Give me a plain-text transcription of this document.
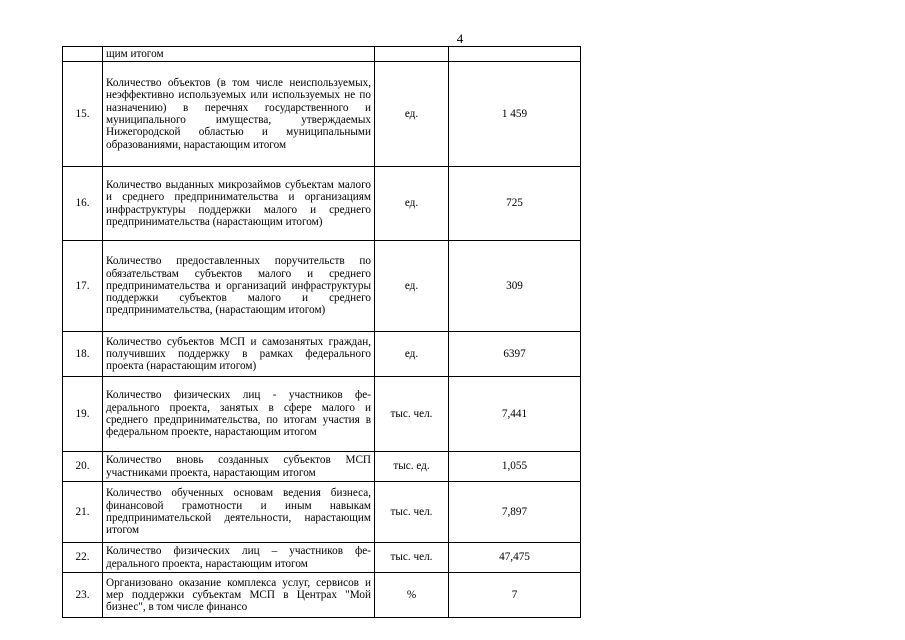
4
	щим итогом		
15.	Количество объектов (в том числе неиспользуемых, неэффективно используемых или используемых не по назначению) в перечнях государственного и муниципального имущества, утверждаемых Нижегородской областью и муниципальными образованиями, нарастающим итогом	ед.	1 459
16.	Количество выданных микрозаймов субъектам малого и среднего предпринимательства и организациям инфраструктуры поддержки малого и среднего предпринимательства (нарастающим итогом)	ед.	725
17.	Количество предоставленных поручительств по обязательствам субъектов малого и среднего предпринимательства и организаций инфраструктуры поддержки субъектов малого и среднего предпринимательства, (нарастающим итогом)	ед.	309
18.	Количество субъектов МСП и самозанятых граждан, получивших поддержку в рамках федерального проекта (нарастающим итогом)	ед.	6397
19.	Количество физических лиц - участников федерального проекта, занятых в сфере малого и среднего предпринимательства, по итогам участия в федеральном проекте, нарастающим итогом	тыс. чел.	7,441
20.	Количество вновь созданных субъектов МСП участниками проекта, нарастающим итогом	тыс. ед.	1,055
21.	Количество обученных основам ведения бизнеса, финансовой грамотности и иным навыкам предпринимательской деятельности, нарастающим итогом	тыс. чел.	7,897
22.	Количество физических лиц – участников федерального проекта, нарастающим итогом	тыс. чел.	47,475
23.	Организовано оказание комплекса услуг, сервисов и мер поддержки субъектам МСП в Центрах "Мой бизнес", в том числе финансо	%	7
